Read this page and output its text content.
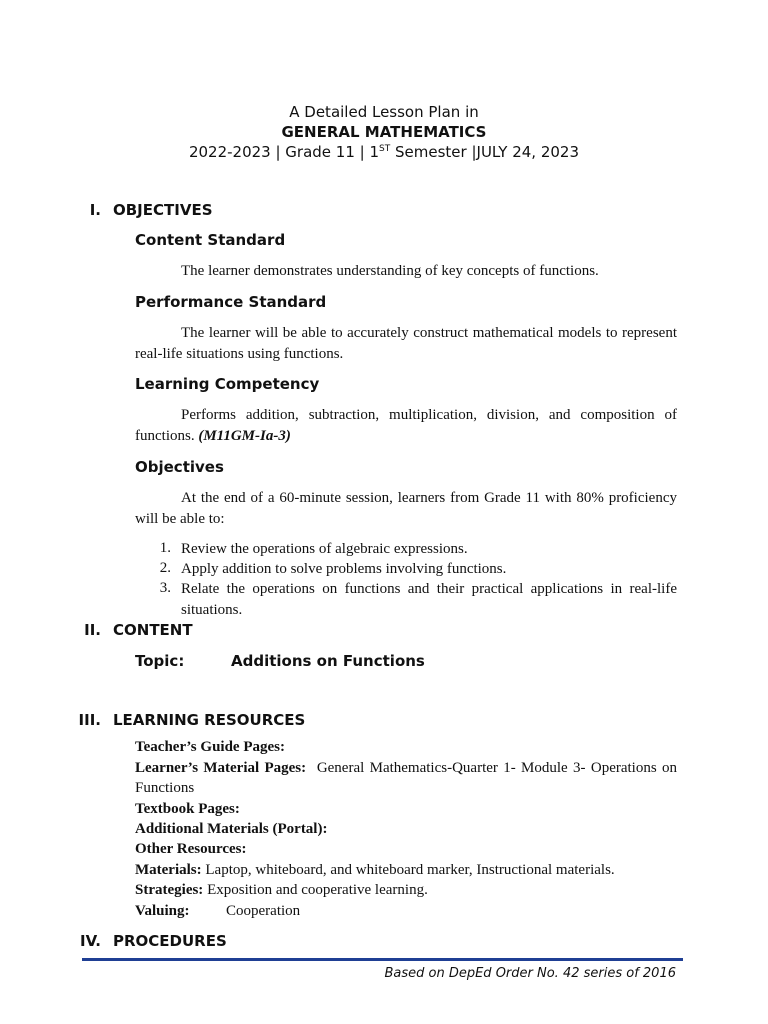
A Detailed Lesson Plan in
GENERAL MATHEMATICS
2022-2023 | Grade 11 | 1ST Semester |JULY 24, 2023
I. OBJECTIVES
Content Standard
The learner demonstrates understanding of key concepts of functions.
Performance Standard
The learner will be able to accurately construct mathematical models to represent real-life situations using functions.
Learning Competency
Performs addition, subtraction, multiplication, division, and composition of functions. (M11GM-Ia-3)
Objectives
At the end of a 60-minute session, learners from Grade 11 with 80% proficiency will be able to:
1. Review the operations of algebraic expressions.
2. Apply addition to solve problems involving functions.
3. Relate the operations on functions and their practical applications in real-life situations.
II. CONTENT
Topic:	Additions on Functions
III. LEARNING RESOURCES
Teacher’s Guide Pages:
Learner’s Material Pages: General Mathematics-Quarter 1- Module 3- Operations on Functions
Textbook Pages:
Additional Materials (Portal):
Other Resources:
Materials: Laptop, whiteboard, and whiteboard marker, Instructional materials.
Strategies: Exposition and cooperative learning.
Valuing: Cooperation
IV. PROCEDURES
Based on DepEd Order No. 42 series of 2016
